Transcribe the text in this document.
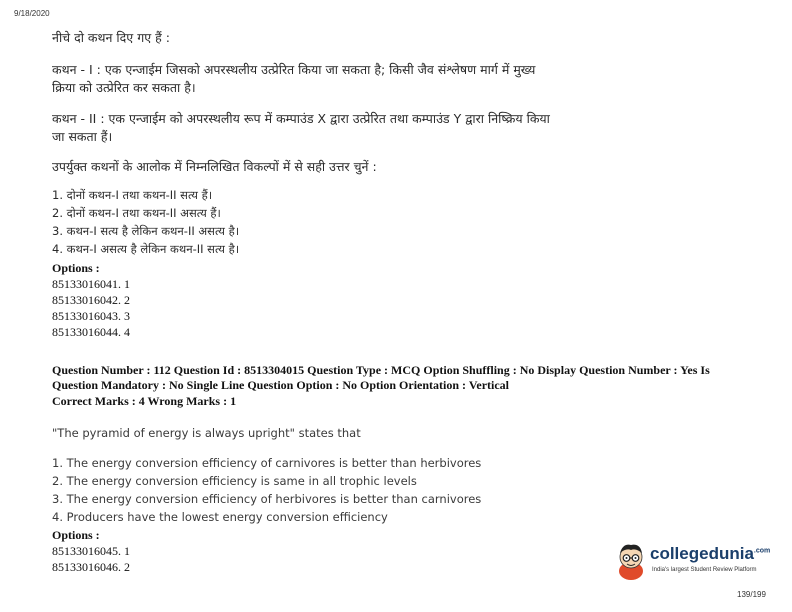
9/18/2020
नीचे दो कथन दिए गए हैं :
कथन - I : एक एन्जाईम जिसको अपरस्थलीय उत्प्रेरित किया जा सकता है; किसी जैव संश्लेषण मार्ग में मुख्य
क्रिया को उत्प्रेरित कर सकता है।
कथन - II : एक एन्जाईम को अपरस्थलीय रूप में कम्पाउंड X द्वारा उत्प्रेरित तथा कम्पाउंड Y द्वारा निष्क्रिय किया
जा सकता हैं।
उपर्युक्त कथनों के आलोक में निम्नलिखित विकल्पों में से सही उत्तर चुनें :
1. दोनों कथन-I तथा कथन-II सत्य हैं।
2. दोनों कथन-I तथा कथन-II असत्य हैं।
3. कथन-I सत्य है लेकिन कथन-II असत्य है।
4. कथन-I असत्य है लेकिन कथन-II सत्य है।
Options :
85133016041. 1
85133016042. 2
85133016043. 3
85133016044. 4
Question Number : 112 Question Id : 8513304015 Question Type : MCQ Option Shuffling : No Display Question Number : Yes Is
Question Mandatory : No Single Line Question Option : No Option Orientation : Vertical
Correct Marks : 4 Wrong Marks : 1
"The pyramid of energy is always upright" states that
1. The energy conversion efficiency of carnivores is better than herbivores
2. The energy conversion efficiency is same in all trophic levels
3. The energy conversion efficiency of herbivores is better than carnivores
4. Producers have the lowest energy conversion efficiency
Options :
85133016045. 1
85133016046. 2
collegedunia$^{.com}$
India's largest Student Review Platform
139/199
